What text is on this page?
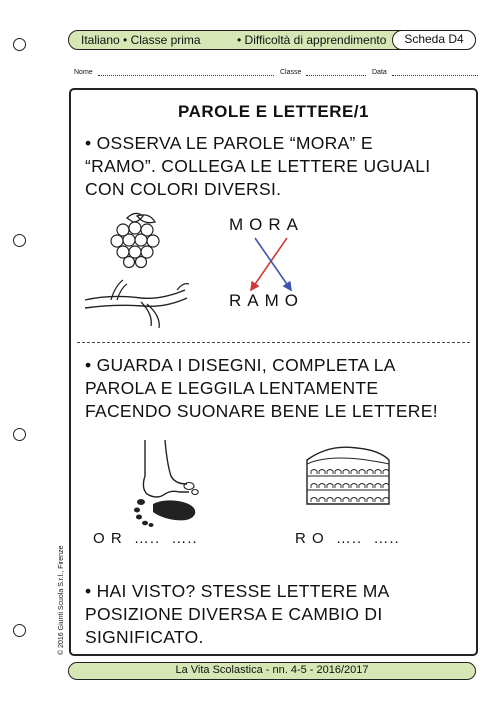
Italiano • Classe prima	• Difficoltà di apprendimento	Scheda D4
Nome	Classe	Data
PAROLE E LETTERE/1
• OSSERVA LE PAROLE “MORA” E
“RAMO”. COLLEGA LE LETTERE UGUALI
CON COLORI DIVERSI.
MORA
RAMO
• GUARDA I DISEGNI, COMPLETA LA
PAROLA E LEGGILA LENTAMENTE
FACENDO SUONARE BENE LE LETTERE!
O R ….. …..	R O ….. …..
• HAI VISTO? STESSE LETTERE MA
POSIZIONE DIVERSA E CAMBIO DI
SIGNIFICATO.
La Vita Scolastica - nn. 4-5 - 2016/2017
© 2016 Giunti Scuola S.r.l., Firenze
